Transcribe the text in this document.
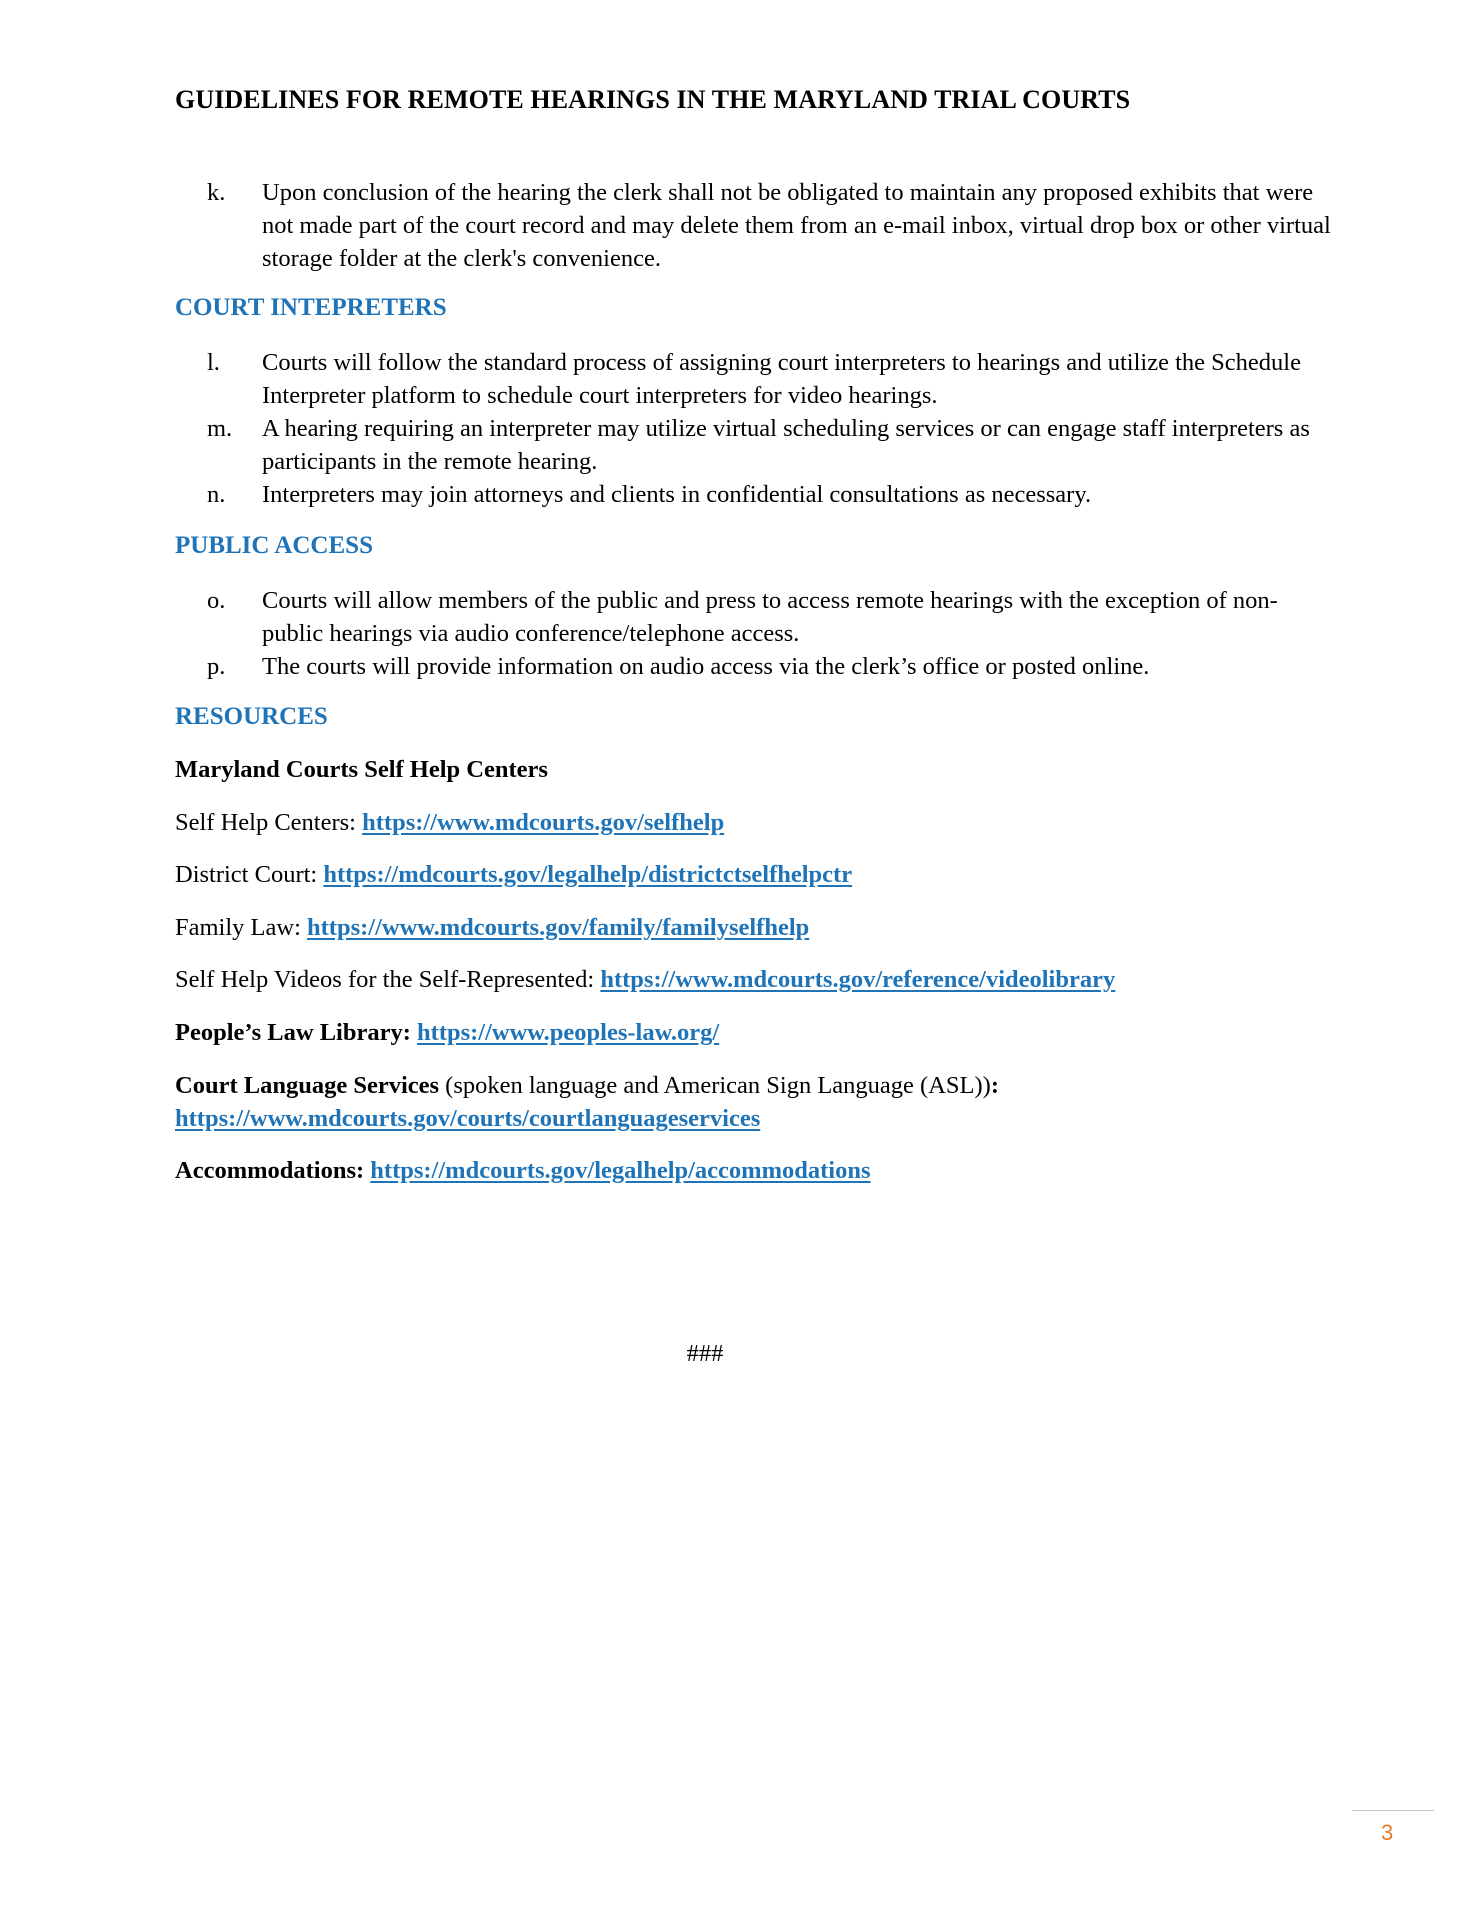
GUIDELINES FOR REMOTE HEARINGS IN THE MARYLAND TRIAL COURTS
k. Upon conclusion of the hearing the clerk shall not be obligated to maintain any proposed exhibits that were not made part of the court record and may delete them from an e-mail inbox, virtual drop box or other virtual storage folder at the clerk's convenience.
COURT INTEPRETERS
l. Courts will follow the standard process of assigning court interpreters to hearings and utilize the Schedule Interpreter platform to schedule court interpreters for video hearings.
m. A hearing requiring an interpreter may utilize virtual scheduling services or can engage staff interpreters as participants in the remote hearing.
n. Interpreters may join attorneys and clients in confidential consultations as necessary.
PUBLIC ACCESS
o. Courts will allow members of the public and press to access remote hearings with the exception of non-public hearings via audio conference/telephone access.
p. The courts will provide information on audio access via the clerk’s office or posted online.
RESOURCES
Maryland Courts Self Help Centers
Self Help Centers: https://www.mdcourts.gov/selfhelp
District Court: https://mdcourts.gov/legalhelp/districtctselfhelpctr
Family Law: https://www.mdcourts.gov/family/familyselfhelp
Self Help Videos for the Self-Represented: https://www.mdcourts.gov/reference/videolibrary
People’s Law Library: https://www.peoples-law.org/
Court Language Services (spoken language and American Sign Language (ASL)):
https://www.mdcourts.gov/courts/courtlanguageservices
Accommodations: https://mdcourts.gov/legalhelp/accommodations
###
3
